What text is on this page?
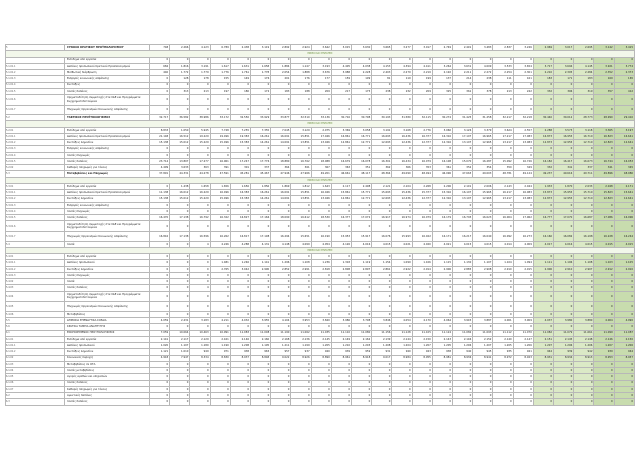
5	ΣΥΝΟΛΟ ΚΡΑΤΙΚΟΥ ΠΡΟΫΠΟΛΟΓΙΣΜΟΥ	748	2.266	4.123	6.789	2.438	3.119	2.892	2.924	3.642	3.015	3.630	3.665	3.277	3.017	2.749	2.491	3.483	2.837	3.246	2.969	3.017	2.695	3.142	3.415
ΜΙΣΘΟΙ ΚΑΙ ΣΥΝΤΑΞΕΙΣ																									
	Εισόδημα από εργασία	0	0	0	0	0	0	0	0	0	0	0	0	0	0	0	0	0	0	0	0	0	0	0	0
5.1.01.1	Δαπάνες προσωπικού Κρατικού Προϋπολογισμού	684	1.816	3.191	1.617	1.631	1.658	1.884	1.147	3.193	4.405	4.038	4.153	4.394	4.411	3.264	3.631	4.009	3.533	3.654	3.717	3.694	4.145	3.921	3.774
5.1.01.2	Μισθωτική διάρθρωση	440	1.772	1.779	1.776	1.761	1.778	2.054	1.888	3.676	3.988	2.228	2.403	2.279	2.219	2.192	2.211	2.272	2.254	2.301	2.210	2.305	2.284	2.352	2.373
5.1.01.3	Εισφορές κοινωνικής ασφάλισης	0	128	178	155	149	176	201	176	177	159	199	81	119	199	137	214	238	111	161	183	171	183	169	165
5.1.01.4	Συντάξεις	0	0	0	0	0	0	0	0	0	0	0	0	0	0	0	0	0	0	0	0	0	0	0	0
5.1.01.5	Λοιπές δαπάνες	0	313	213	197	180	172	183	188	209	217	175	238	232	209	325	361	378	213	242	332	306	319	357	412
5.1.01.6	Χρηματοδότηση συμμετοχής στα ΣΔΕ και Προγράμματα Συγχρηματοδοτούμενα	0	0	0	0	0	0	0	0	0	0	0	0	0	0	0	0	0	0	0	0	0	0	0	0
5.1.01.7	Πληρωμές Οργανισμών Κοινωνικής Ασφάλισης	0	0	0	0	0	0	0	0	0	0	0	0	0	0	0	0	0	0	0	0	0	0	0	0
5.2	ΤΑΚΤΙΚΟΣ ΠΡΟΫΠΟΛΟΓΙΣΜΟΣ	32.717	36.582	38.986	33.172	32.550	33.929	33.877	32.510	33.136	30.716	30.798	30.193	31.580	32.115	30.274	31.425	31.258	32.217	32.218	30.440	30.012	28.773	28.990	29.410
ΜΙΣΘΟΙ ΚΑΙ ΣΥΝΤΑΞΕΙΣ																									
5.2.01	Εισόδημα από εργασία	8.833	1.050	5.945	7.748	7.255	7.355	7.045	3.129	2.075	3.369	3.058	3.191	3.168	2.776	3.060	3.126	3.379	3.624	2.557	2.288	3.573	3.118	3.365	3.197
5.2.01.1	Δαπάνες προσωπικού Κρατικού Προϋπολογισμού	21.148	16.512	19.229	19.496	19.383	16.261	16.091	15.851	17.046	16.861	16.771	16.693	16.436	16.377	16.316	17.107	16.965	17.217	17.083	16.873	16.955	16.710	16.823	16.641
5.2.01.2	Συντάξεις Δημοσίου	15.138	15.012	15.229	15.496	15.383	14.261	14.091	13.851	13.046	12.861	12.771	12.693	12.436	12.377	12.316	13.107	12.965	13.217	13.083	12.873	12.955	12.710	12.823	12.641
5.2.01.3	Εισφορές κοινωνικής ασφάλισης	0	0	0	0	0	0	0	0	0	0	0	0	0	0	0	0	0	0	0	0	0	0	0	0
5.2.01.4	Λοιπές πληρωμές	0	0	0	0	0	0	0	0	0	0	0	0	0	0	0	0	0	0	0	0	0	0	0	0
5.2.01.5	Λοιπές δαπάνες	23.714	13.807	17.277	16.961	17.247	17.776	18.880	16.762	18.088	16.679	16.078	16.301	16.434	16.079	16.108	15.070	16.287	15.092	16.726	16.182	16.417	16.073	16.744	16.053
5.2.02	Καθαρές πληρωμές για τόκους	4.499	3.633	363	391	301	337	364	361	367	363	351	362	366	353	361	352	354	350	349	332	341	337	341	345
5.3	Μεταβιβάσεις και Πληρωμές	37.891	44.331	44.278	47.591	45.281	45.467	47.946	47.966	49.201	46.661	48.117	48.364	49.090	48.494	46.096	47.663	49.003	48.781	49.124	49.237	49.616	49.711	49.896	48.980
ΜΙΣΘΟΙ ΚΑΙ ΣΥΝΤΑΞΕΙΣ																									
5.3.01	Εισόδημα από εργασία	0	1.438	1.658	1.656	1.656	1.856	1.869	1.812	1.643	2.117	2.498	2.121	2.104	2.268	2.206	2.101	2.006	2.143	2.044	1.933	1.870	2.033	2.048	2.171
5.3.01.1	Δαπάνες προσωπικού Κρατικού Προϋπολογισμού	11.138	16.012	16.229	16.496	16.383	16.261	16.091	15.851	16.046	15.861	15.771	15.693	15.436	15.377	15.316	16.107	15.965	16.217	16.083	15.873	15.955	15.710	15.823	15.641
5.3.01.2	Συντάξεις Δημοσίου	15.138	15.012	15.229	15.496	15.383	14.261	14.091	13.851	13.046	12.861	12.771	12.693	12.436	12.377	12.316	13.107	12.965	13.217	13.083	12.873	12.955	12.710	12.823	12.641
5.3.01.3	Εισφορές κοινωνικής ασφάλισης	0	0	0	0	0	0	0	0	0	0	0	0	0	0	0	0	0	0	0	0	0	0	0	0
5.3.01.4	Λοιπές πληρωμές	0	0	0	0	0	0	0	0	0	0	0	0	0	0	0	0	0	0	0	0	0	0	0	0
5.3.01.5	Λοιπές δαπάνες	16.470	17.138	16.792	16.322	16.827	17.166	18.090	16.612	18.530	16.377	17.072	16.917	16.974	16.079	16.179	16.793	16.023	16.004	17.962	16.777	17.070	16.687	17.086	16.996
5.3.01.6	Χρηματοδότηση συμμετοχής στα ΣΔΕ και Προγράμματα Συγχρηματοδοτούμενα	0	0	0	0	0	0	0	0	0	0	0	0	0	0	0	0	0	0	0	0	0	0	0	0
5.3.01.7	Πληρωμές Οργανισμών Κοινωνικής Ασφάλισης	16.816	17.138	16.596	16.262	16.817	17.198	16.294	15.651	16.190	15.953	15.917	16.076	15.993	16.022	16.171	16.217	16.040	16.092	16.273	16.160	16.082	16.198	16.228	16.244
5.4	Λοιπά	0	0	4	4.246	4.288	4.131	4.148	4.099	4.054	4.126	4.016	4.015	4.021	4.020	4.021	4.015	4.015	4.014	4.009	4.017	4.016	4.015	4.015	4.015
ΜΙΣΘΟΙ ΚΑΙ ΣΥΝΤΑΞΕΙΣ																									
5.4.01	Εισόδημα από εργασία	0	0	0	0	0	0	0	0	0	0	0	0	0	0	0	0	0	0	0	0	0	0	0	0
5.4.01.1	Δαπάνες προσωπικού	0	0	0	1.481	1.246	1.141	1.296	1.108	1.236	1.318	1.119	1.154	1.099	1.106	1.115	1.130	1.107	1.104	1.094	1.111	1.106	1.108	1.103	1.105
5.4.01.2	Συντάξεις Δημοσίου	0	0	0	2.765	3.042	2.990	2.852	2.991	2.818	2.808	2.897	2.861	2.922	2.914	2.906	2.885	2.908	2.910	2.915	2.906	2.910	2.907	2.912	2.910
5.4.01.3	Λοιπές πληρωμές	0	0	0	0	0	0	0	0	0	0	0	0	0	0	0	0	0	0	0	0	0	0	0	0
5.4.02	Λοιπά	0	0	0	0	0	0	0	0	0	0	0	0	0	0	0	0	0	0	0	0	0	0	0	0
5.4.03	Λοιπές δαπάνες	0	0	4	0	0	0	0	0	0	0	0	0	0	0	0	0	0	0	0	0	0	0	0	0
5.4.04	Χρηματοδότηση συμμετοχής στα ΣΔΕ και Προγράμματα Συγχρηματοδοτούμενα	0	0	0	0	0	0	0	0	0	0	0	0	0	0	0	0	0	0	0	0	0	0	0	0
5.4.05	Πληρωμές Οργανισμών Κοινωνικής Ασφάλισης	0	0	0	0	0	0	0	0	0	0	0	0	0	0	0	0	0	0	0	0	0	0	0	0
5.4.06	Μεταβιβάσεις	0	0	0	0	0	0	0	0	0	0	0	0	0	0	0	0	0	0	0	0	0	0	0	0
5.5	ΔΗΜΟΣΙΑ ΕΠΕΝΔΥΤΙΚΑ ΣΧΕΔΙΑ	4.059	2.431	3.183	4.211	4.032	3.955	4.104	3.953	3.840	3.986	3.798	3.846	4.054	4.170	4.064	3.945	3.887	4.001	3.909	4.037	3.980	3.880	4.004	4.090
5.6	ΚΡΑΤΙΚΑ ΤΑΜΕΙΑ ΑΝΑΠΤΥΞΗΣ	0	0	0	0	0	0	0	0	0	0	0	0	0	0	0	0	0	0	0	0	0	0	0	0
6.1	ΕΝΟΠΟΙΗΜΕΝΟΣ ΠΡΟΫΠΟΛΟΓΙΣΜΟΣ	7.059	10.064	10.463	10.991	11.083	11.008	11.190	11.062	11.035	11.110	11.080	11.156	11.128	11.105	11.124	11.082	11.093	11.112	11.070	11.082	11.079	11.061	11.099	11.087
6.1.01	Εισόδημα από εργασία	2.141	2.117	2.129	2.161	2.146	2.160	2.168	2.136	2.145	2.149	2.162	2.139	2.144	2.150	2.143	2.146	2.152	2.140	2.147	2.151	2.145	2.148	2.146	2.150
6.1.01.1	Δαπάνες προσωπικού	1.020	1.107	1.180	1.190	1.208	1.195	1.211	1.199	1.205	1.210	1.203	1.208	1.204	1.207	1.205	1.206	1.207	1.205	1.206	1.207	1.206	1.206	1.207	1.206
6.1.01.2	Συντάξεις Δημοσίου	1.121	1.010	949	971	938	965	957	937	940	939	959	931	940	943	938	940	945	935	941	944	939	942	939	944
6.1.02	Κοινωνικές παροχές	4.918	7.947	8.334	8.830	8.937	8.848	9.022	8.926	8.890	8.961	8.918	9.017	8.984	8.955	8.981	8.936	8.941	8.972	8.923	8.931	8.934	8.913	8.953	8.937
6.1.03	Μεταβιβάσεις σε ΟΤΑ	0	0	0	0	0	0	0	0	0	0	0	0	0	0	0	0	0	0	0	0	0	0	0	0
6.1.04	Λοιπές μεταβιβάσεις	0	0	0	0	0	0	0	0	0	0	0	0	0	0	0	0	0	0	0	0	0	0	0	0
6.1.05	Αγορές αγαθών και υπηρεσιών	0	0	0	0	0	0	0	0	0	0	0	0	0	0	0	0	0	0	0	0	0	0	0	0
6.1.06	Λοιπές δαπάνες	0	0	0	0	0	0	0	0	0	0	0	0	0	0	0	0	0	0	0	0	0	0	0	0
6.1.07	Καθαρές πληρωμές για τόκους	0	0	0	0	0	0	0	0	0	0	0	0	0	0	0	0	0	0	0	0	0	0	0	0
6.2	Αμυντικές δαπάνες	0	0	0	0	0	0	0	0	0	0	0	0	0	0	0	0	0	0	0	0	0	0	0	0
6.3	Λοιπές δαπάνες	0	0	0	0	0	0	0	0	0	0	0	0	0	0	0	0	0	0	0	0	0	0	0	0
